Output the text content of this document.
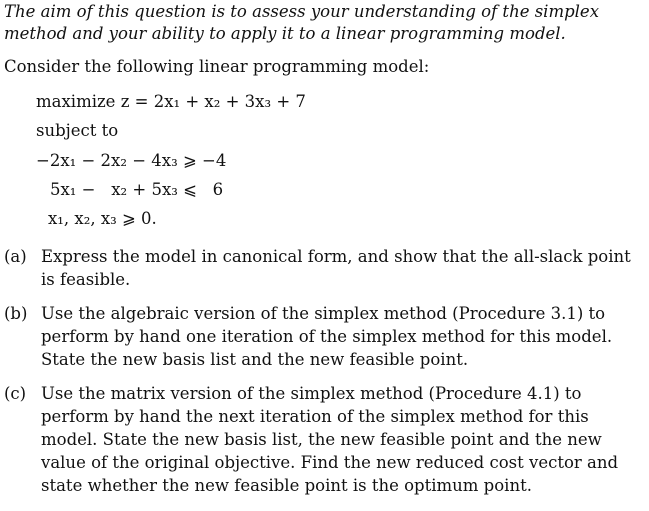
The aim of this question is to assess your understanding of the simplex
method and your ability to apply it to a linear programming model.
Consider the following linear programming model:
maximize z = 2x₁ + x₂ + 3x₃ + 7
subject to
−2x₁ − 2x₂ − 4x₃ ⩾ −4
5x₁ −   x₂ + 5x₃ ⩽   6
x₁, x₂, x₃ ⩾ 0.
(a) Express the model in canonical form, and show that the all-slack point
is feasible.
(b) Use the algebraic version of the simplex method (Procedure 3.1) to
perform by hand one iteration of the simplex method for this model.
State the new basis list and the new feasible point.
(c) Use the matrix version of the simplex method (Procedure 4.1) to
perform by hand the next iteration of the simplex method for this
model. State the new basis list, the new feasible point and the new
value of the original objective. Find the new reduced cost vector and
state whether the new feasible point is the optimum point.
